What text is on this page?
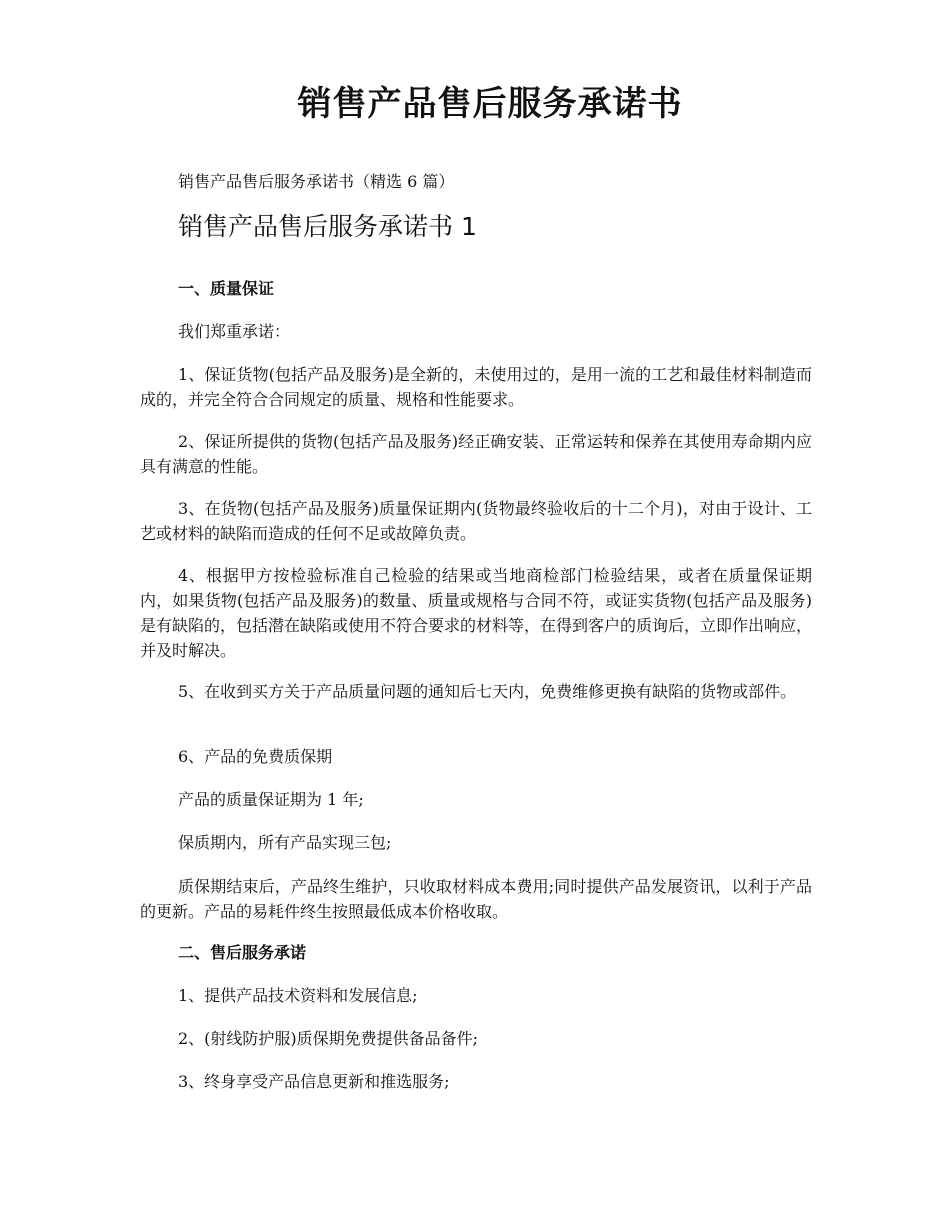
销售产品售后服务承诺书

销售产品售后服务承诺书（精选 6 篇）

销售产品售后服务承诺书 1
一、质量保证

我们郑重承诺：

1、保证货物(包括产品及服务)是全新的，未使用过的，是用一流的工艺和最佳材料制造而成的，并完全符合合同规定的质量、规格和性能要求。

2、保证所提供的货物(包括产品及服务)经正确安装、正常运转和保养在其使用寿命期内应具有满意的性能。

3、在货物(包括产品及服务)质量保证期内(货物最终验收后的十二个月)，对由于设计、工艺或材料的缺陷而造成的任何不足或故障负责。

4、根据甲方按检验标准自己检验的结果或当地商检部门检验结果，或者在质量保证期内，如果货物(包括产品及服务)的数量、质量或规格与合同不符，或证实货物(包括产品及服务)是有缺陷的，包括潜在缺陷或使用不符合要求的材料等，在得到客户的质询后，立即作出响应，并及时解决。

5、在收到买方关于产品质量问题的通知后七天内，免费维修更换有缺陷的货物或部件。

6、产品的免费质保期

产品的质量保证期为 1 年;

保质期内，所有产品实现三包;

质保期结束后，产品终生维护，只收取材料成本费用;同时提供产品发展资讯，以利于产品的更新。产品的易耗件终生按照最低成本价格收取。

二、售后服务承诺

1、提供产品技术资料和发展信息;

2、(射线防护服)质保期免费提供备品备件;

3、终身享受产品信息更新和推选服务;
